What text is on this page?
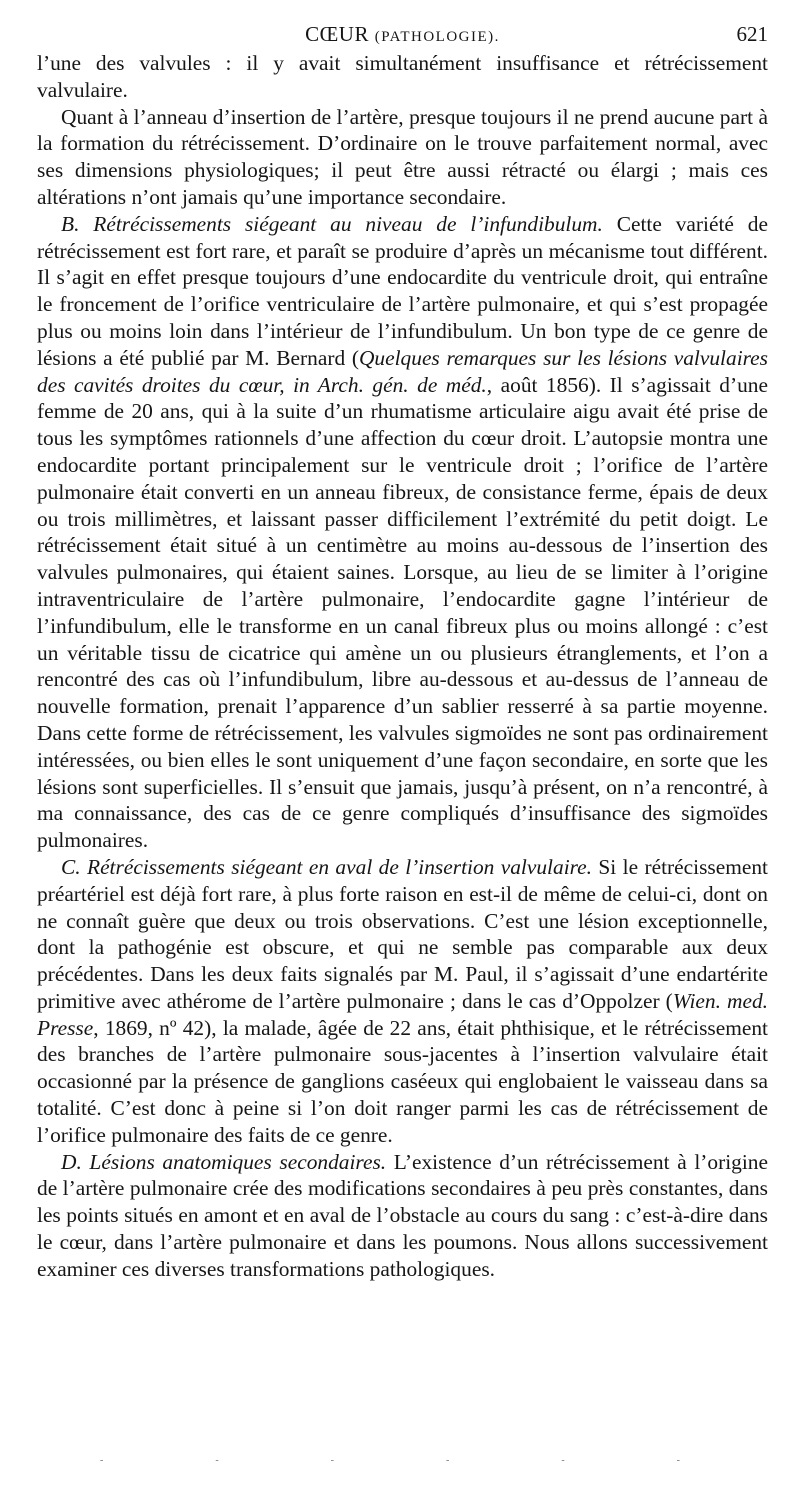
CŒUR (PATHOLOGIE).	621

l’une des valvules : il y avait simultanément insuffisance et rétrécissement valvulaire.

Quant à l’anneau d’insertion de l’artère, presque toujours il ne prend aucune part à la formation du rétrécissement. D’ordinaire on le trouve parfaitement normal, avec ses dimensions physiologiques; il peut être aussi rétracté ou élargi ; mais ces altérations n’ont jamais qu’une importance secondaire.

B. Rétrécissements siégeant au niveau de l’infundibulum. Cette variété de rétrécissement est fort rare, et paraît se produire d’après un mécanisme tout différent. Il s’agit en effet presque toujours d’une endocardite du ventricule droit, qui entraîne le froncement de l’orifice ventriculaire de l’artère pulmonaire, et qui s’est propagée plus ou moins loin dans l’intérieur de l’infundibulum. Un bon type de ce genre de lésions a été publié par M. Bernard (Quelques remarques sur les lésions valvulaires des cavités droites du cœur, in Arch. gén. de méd., août 1856). Il s’agissait d’une femme de 20 ans, qui à la suite d’un rhumatisme articulaire aigu avait été prise de tous les symptômes rationnels d’une affection du cœur droit. L’autopsie montra une endocardite portant principalement sur le ventricule droit ; l’orifice de l’artère pulmonaire était converti en un anneau fibreux, de consistance ferme, épais de deux ou trois millimètres, et laissant passer difficilement l’extrémité du petit doigt. Le rétrécissement était situé à un centimètre au moins au-dessous de l’insertion des valvules pulmonaires, qui étaient saines. Lorsque, au lieu de se limiter à l’origine intraventriculaire de l’artère pulmonaire, l’endocardite gagne l’intérieur de l’infundibulum, elle le transforme en un canal fibreux plus ou moins allongé : c’est un véritable tissu de cicatrice qui amène un ou plusieurs étranglements, et l’on a rencontré des cas où l’infundibulum, libre au-dessous et au-dessus de l’anneau de nouvelle formation, prenait l’apparence d’un sablier resserré à sa partie moyenne. Dans cette forme de rétrécissement, les valvules sigmoïdes ne sont pas ordinairement intéressées, ou bien elles le sont uniquement d’une façon secondaire, en sorte que les lésions sont superficielles. Il s’ensuit que jamais, jusqu’à présent, on n’a rencontré, à ma connaissance, des cas de ce genre compliqués d’insuffisance des sigmoïdes pulmonaires.

C. Rétrécissements siégeant en aval de l’insertion valvulaire. Si le rétrécissement préartériel est déjà fort rare, à plus forte raison en est-il de même de celui-ci, dont on ne connaît guère que deux ou trois observations. C’est une lésion exceptionnelle, dont la pathogénie est obscure, et qui ne semble pas comparable aux deux précédentes. Dans les deux faits signalés par M. Paul, il s’agissait d’une endartérite primitive avec athérome de l’artère pulmonaire ; dans le cas d’Oppolzer (Wien. med. Presse, 1869, nº 42), la malade, âgée de 22 ans, était phthisique, et le rétrécissement des branches de l’artère pulmonaire sous-jacentes à l’insertion valvulaire était occasionné par la présence de ganglions caséeux qui englobaient le vaisseau dans sa totalité. C’est donc à peine si l’on doit ranger parmi les cas de rétrécissement de l’orifice pulmonaire des faits de ce genre.

D. Lésions anatomiques secondaires. L’existence d’un rétrécissement à l’origine de l’artère pulmonaire crée des modifications secondaires à peu près constantes, dans les points situés en amont et en aval de l’obstacle au cours du sang : c’est-à-dire dans le cœur, dans l’artère pulmonaire et dans les poumons. Nous allons successivement examiner ces diverses transformations pathologiques.

-	-	-	-	-	-
